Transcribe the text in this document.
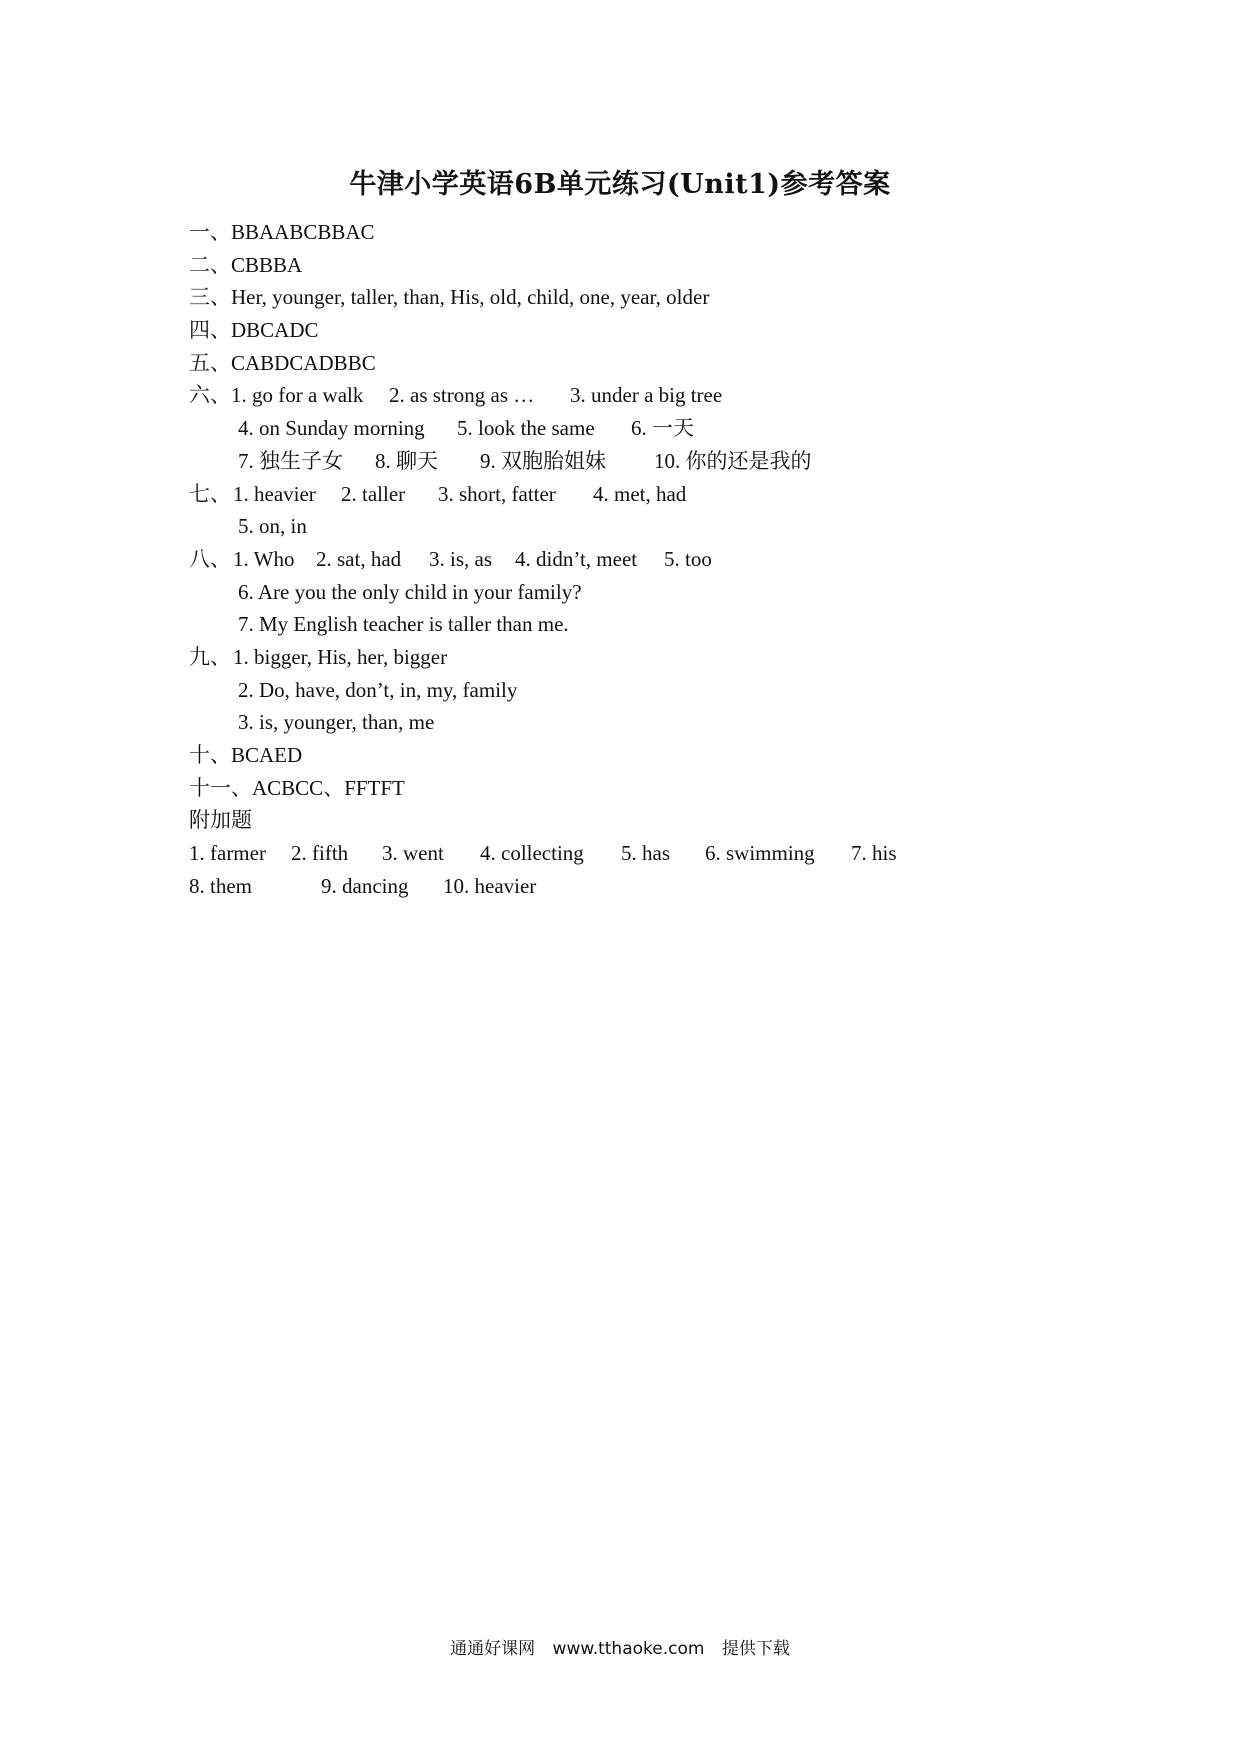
牛津小学英语6B单元练习(Unit1)参考答案
一、BBAABCBBAC
二、CBBBA
三、Her, younger, taller, than, His, old, child, one, year, older
四、DBCADC
五、CABDCADBBC
六、 1. go for a walk 2. as strong as … 3. under a big tree
4. on Sunday morning 5. look the same 6. 一天
7. 独生子女 8. 聊天 9. 双胞胎姐妹 10. 你的还是我的
七、 1. heavier 2. taller 3. short, fatter 4. met, had
5. on, in
八、 1. Who 2. sat, had 3. is, as 4. didn’t, meet 5. too
6. Are you the only child in your family?
7. My English teacher is taller than me.
九、 1. bigger, His, her, bigger
2. Do, have, don’t, in, my, family
3. is, younger, than, me
十、BCAED
十一、ACBCC、FFTFT
附加题
1. farmer 2. fifth 3. went 4. collecting 5. has 6. swimming 7. his
8. them	9. dancing 10. heavier
通通好课网 www.tthaoke.com 提供下载
